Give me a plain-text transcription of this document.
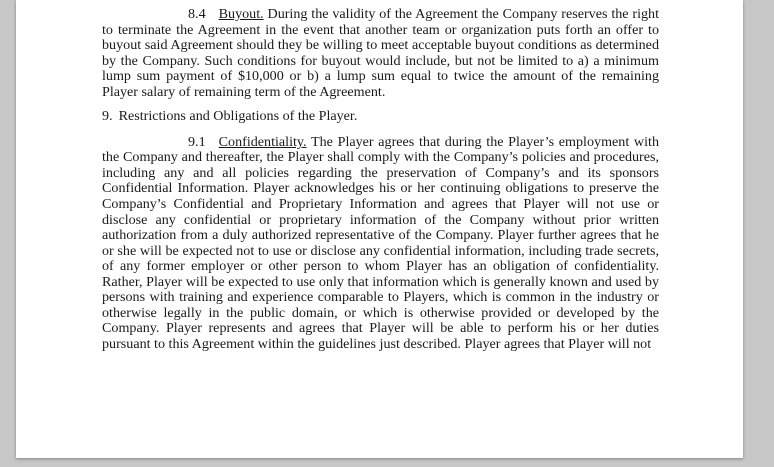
8.4 Buyout. During the validity of the Agreement the Company reserves the right to terminate the Agreement in the event that another team or organization puts forth an offer to buyout said Agreement should they be willing to meet acceptable buyout conditions as determined by the Company. Such conditions for buyout would include, but not be limited to a) a minimum lump sum payment of $10,000 or b) a lump sum equal to twice the amount of the remaining Player salary of remaining term of the Agreement.

9. Restrictions and Obligations of the Player.

9.1 Confidentiality. The Player agrees that during the Player’s employment with the Company and thereafter, the Player shall comply with the Company’s policies and procedures, including any and all policies regarding the preservation of Company’s and its sponsors Confidential Information. Player acknowledges his or her continuing obligations to preserve the Company’s Confidential and Proprietary Information and agrees that Player will not use or disclose any confidential or proprietary information of the Company without prior written authorization from a duly authorized representative of the Company. Player further agrees that he or she will be expected not to use or disclose any confidential information, including trade secrets, of any former employer or other person to whom Player has an obligation of confidentiality. Rather, Player will be expected to use only that information which is generally known and used by persons with training and experience comparable to Players, which is common in the industry or otherwise legally in the public domain, or which is otherwise provided or developed by the Company. Player represents and agrees that Player will be able to perform his or her duties pursuant to this Agreement within the guidelines just described. Player agrees that Player will not
